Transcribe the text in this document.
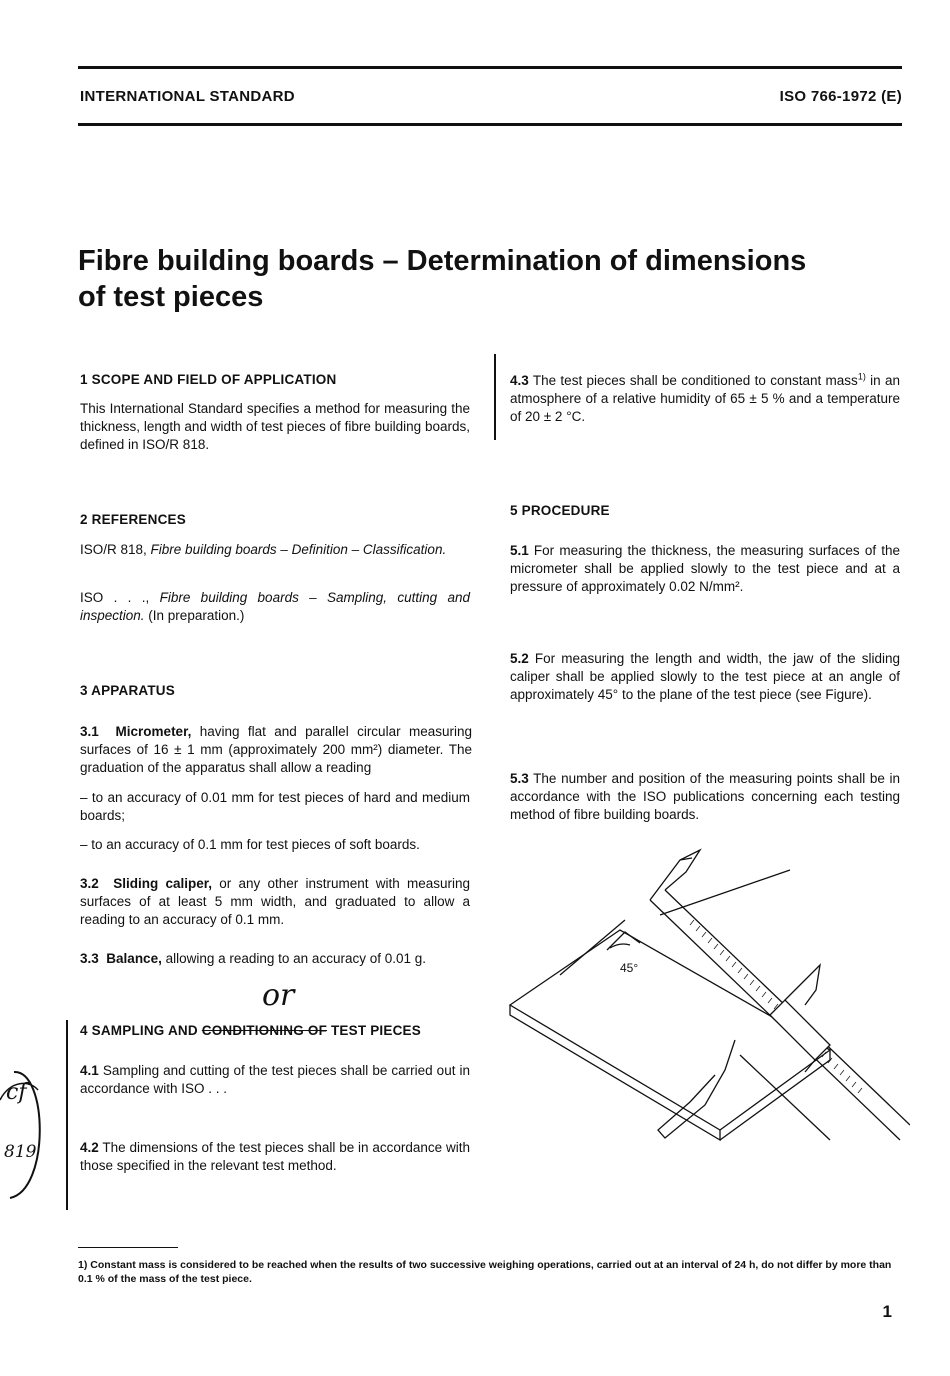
INTERNATIONAL STANDARD	ISO 766-1972 (E)
Fibre building boards – Determination of dimensions
of test pieces
1 SCOPE AND FIELD OF APPLICATION
This International Standard specifies a method for measuring the thickness, length and width of test pieces of fibre building boards, defined in ISO/R 818.
2 REFERENCES
ISO/R 818, Fibre building boards – Definition – Classification.
ISO . . ., Fibre building boards – Sampling, cutting and inspection. (In preparation.)
3 APPARATUS
3.1 Micrometer, having flat and parallel circular measuring surfaces of 16 ± 1 mm (approximately 200 mm²) diameter. The graduation of the apparatus shall allow a reading
– to an accuracy of 0.01 mm for test pieces of hard and medium boards;
– to an accuracy of 0.1 mm for test pieces of soft boards.
3.2 Sliding caliper, or any other instrument with measuring surfaces of at least 5 mm width, and graduated to allow a reading to an accuracy of 0.1 mm.
3.3 Balance, allowing a reading to an accuracy of 0.01 g.
or
4 SAMPLING AND CONDITIONING OF TEST PIECES
4.1 Sampling and cutting of the test pieces shall be carried out in accordance with ISO . . .
4.2 The dimensions of the test pieces shall be in accordance with those specified in the relevant test method.
cf
819
4.3 The test pieces shall be conditioned to constant mass$^{1)}$ in an atmosphere of a relative humidity of 65 ± 5 % and a temperature of 20 ± 2 °C.
5 PROCEDURE
5.1 For measuring the thickness, the measuring surfaces of the micrometer shall be applied slowly to the test piece and at a pressure of approximately 0.02 N/mm².
5.2 For measuring the length and width, the jaw of the sliding caliper shall be applied slowly to the test piece at an angle of approximately 45° to the plane of the test piece (see Figure).
5.3 The number and position of the measuring points shall be in accordance with the ISO publications concerning each testing method of fibre building boards.
45°
1) Constant mass is considered to be reached when the results of two successive weighing operations, carried out at an interval of 24 h, do not differ by more than 0.1 % of the mass of the test piece.
1
